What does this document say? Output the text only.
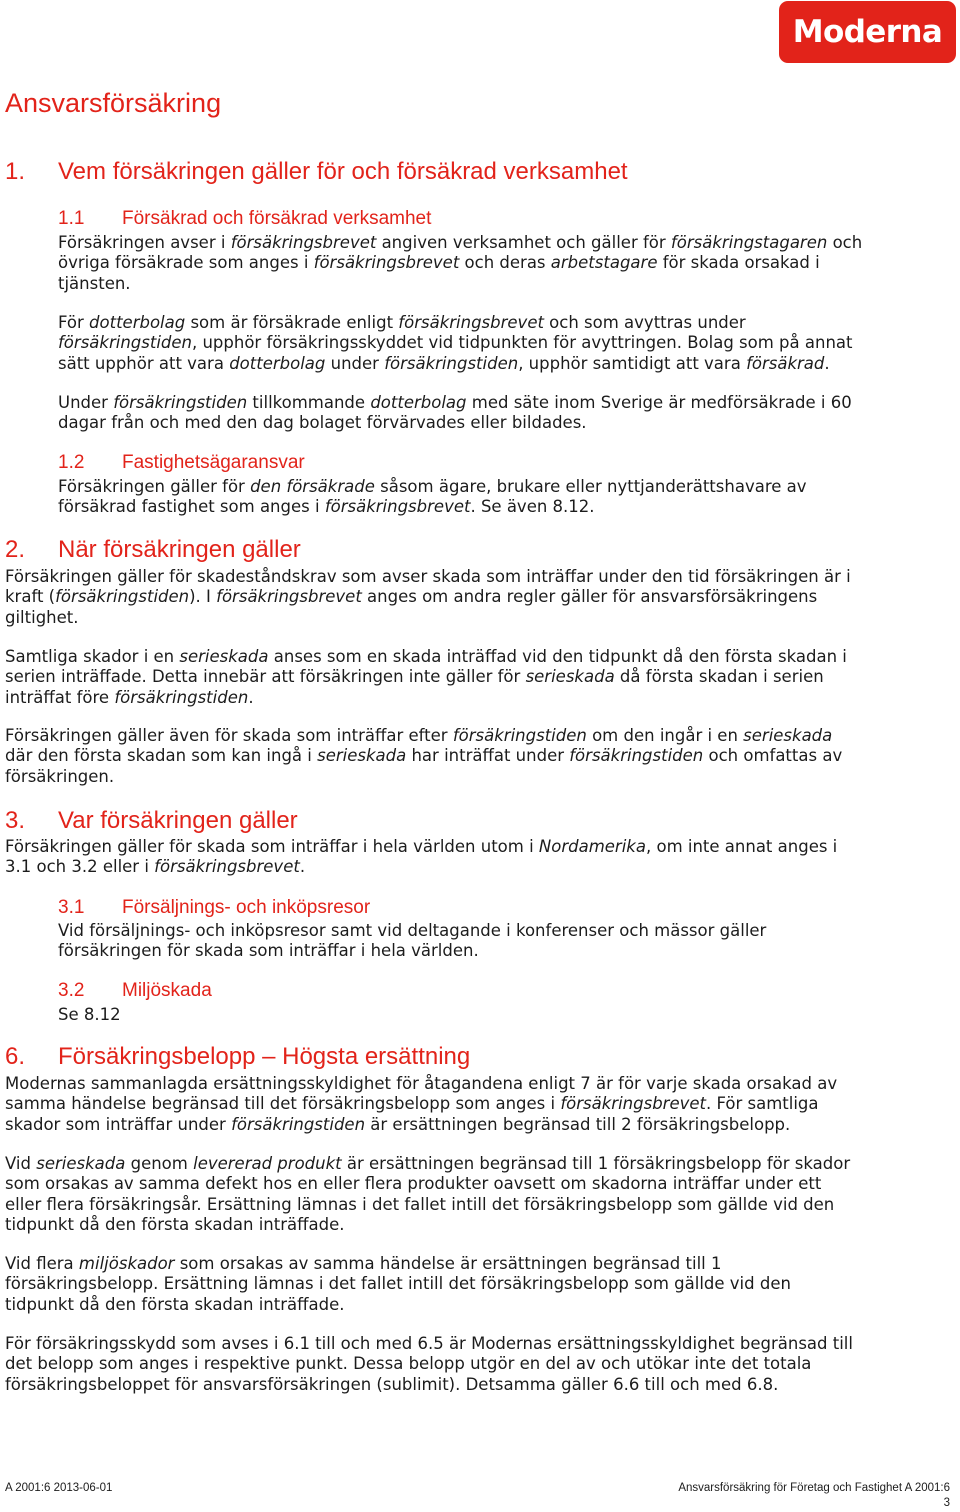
Moderna
Ansvarsförsäkring
1. Vem försäkringen gäller för och försäkrad verksamhet
1.1 Försäkrad och försäkrad verksamhet
Försäkringen avser i försäkringsbrevet angiven verksamhet och gäller för försäkringstagaren och
övriga försäkrade som anges i försäkringsbrevet och deras arbetstagare för skada orsakad i
tjänsten.
För dotterbolag som är försäkrade enligt försäkringsbrevet och som avyttras under
försäkringstiden, upphör försäkringsskyddet vid tidpunkten för avyttringen. Bolag som på annat
sätt upphör att vara dotterbolag under försäkringstiden, upphör samtidigt att vara försäkrad.
Under försäkringstiden tillkommande dotterbolag med säte inom Sverige är medförsäkrade i 60
dagar från och med den dag bolaget förvärvades eller bildades.
1.2 Fastighetsägaransvar
Försäkringen gäller för den försäkrade såsom ägare, brukare eller nyttjanderättshavare av
försäkrad fastighet som anges i försäkringsbrevet. Se även 8.12.
2. När försäkringen gäller
Försäkringen gäller för skadeståndskrav som avser skada som inträffar under den tid försäkringen är i
kraft (försäkringstiden). I försäkringsbrevet anges om andra regler gäller för ansvarsförsäkringens
giltighet.
Samtliga skador i en serieskada anses som en skada inträffad vid den tidpunkt då den första skadan i
serien inträffade. Detta innebär att försäkringen inte gäller för serieskada då första skadan i serien
inträffat före försäkringstiden.
Försäkringen gäller även för skada som inträffar efter försäkringstiden om den ingår i en serieskada
där den första skadan som kan ingå i serieskada har inträffat under försäkringstiden och omfattas av
försäkringen.
3. Var försäkringen gäller
Försäkringen gäller för skada som inträffar i hela världen utom i Nordamerika, om inte annat anges i
3.1 och 3.2 eller i försäkringsbrevet.
3.1 Försäljnings- och inköpsresor
Vid försäljnings- och inköpsresor samt vid deltagande i konferenser och mässor gäller
försäkringen för skada som inträffar i hela världen.
3.2 Miljöskada
Se 8.12
6. Försäkringsbelopp – Högsta ersättning
Modernas sammanlagda ersättningsskyldighet för åtagandena enligt 7 är för varje skada orsakad av
samma händelse begränsad till det försäkringsbelopp som anges i försäkringsbrevet. För samtliga
skador som inträffar under försäkringstiden är ersättningen begränsad till 2 försäkringsbelopp.
Vid serieskada genom levererad produkt är ersättningen begränsad till 1 försäkringsbelopp för skador
som orsakas av samma defekt hos en eller flera produkter oavsett om skadorna inträffar under ett
eller flera försäkringsår. Ersättning lämnas i det fallet intill det försäkringsbelopp som gällde vid den
tidpunkt då den första skadan inträffade.
Vid flera miljöskador som orsakas av samma händelse är ersättningen begränsad till 1
försäkringsbelopp. Ersättning lämnas i det fallet intill det försäkringsbelopp som gällde vid den
tidpunkt då den första skadan inträffade.
För försäkringsskydd som avses i 6.1 till och med 6.5 är Modernas ersättningsskyldighet begränsad till
det belopp som anges i respektive punkt. Dessa belopp utgör en del av och utökar inte det totala
försäkringsbeloppet för ansvarsförsäkringen (sublimit). Detsamma gäller 6.6 till och med 6.8.
A 2001:6 2013-06-01	Ansvarsförsäkring för Företag och Fastighet A 2001:6
3
